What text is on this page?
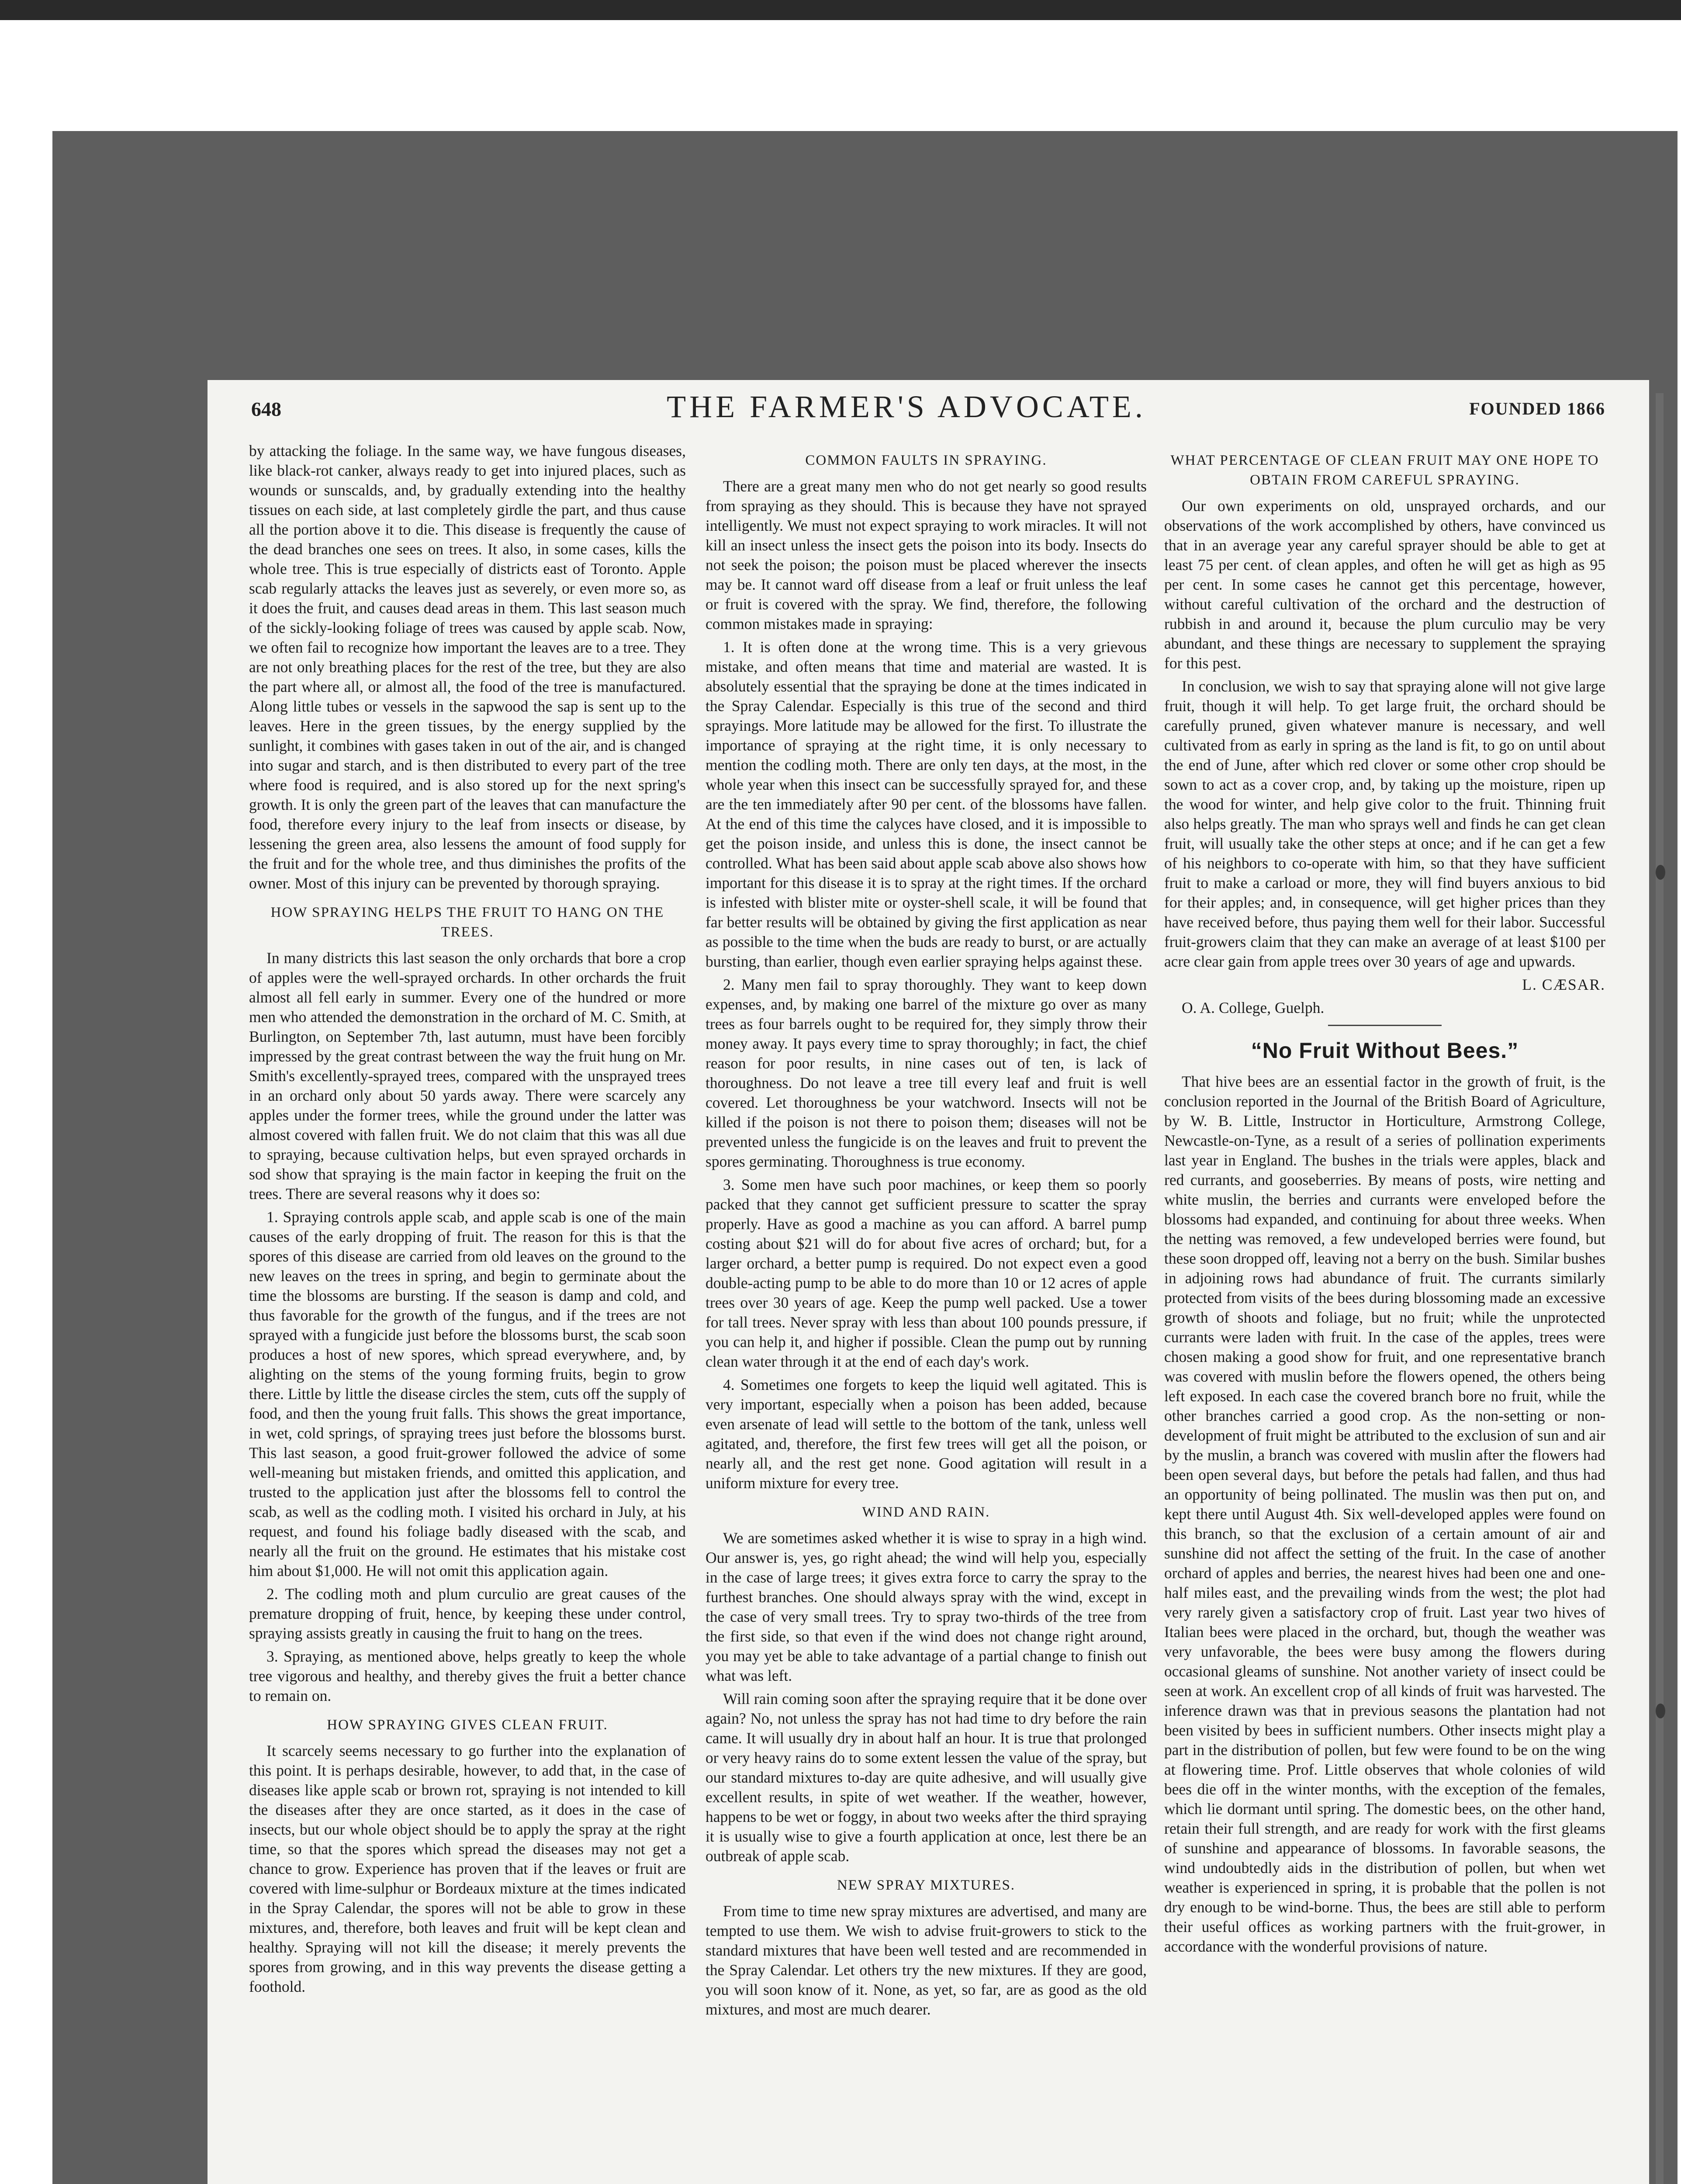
648	THE FARMER'S ADVOCATE.	FOUNDED 1866

by attacking the foliage. In the same way, we have fungous diseases, like black-rot canker, always ready to get into injured places, such as wounds or sunscalds, and, by gradually extending into the healthy tissues on each side, at last completely girdle the part, and thus cause all the portion above it to die. This disease is frequently the cause of the dead branches one sees on trees. It also, in some cases, kills the whole tree. This is true especially of districts east of Toronto. Apple scab regularly attacks the leaves just as severely, or even more so, as it does the fruit, and causes dead areas in them. This last season much of the sickly-looking foliage of trees was caused by apple scab. Now, we often fail to recognize how important the leaves are to a tree. They are not only breathing places for the rest of the tree, but they are also the part where all, or almost all, the food of the tree is manufactured. Along little tubes or vessels in the sapwood the sap is sent up to the leaves. Here in the green tissues, by the energy supplied by the sunlight, it combines with gases taken in out of the air, and is changed into sugar and starch, and is then distributed to every part of the tree where food is required, and is also stored up for the next spring's growth. It is only the green part of the leaves that can manufacture the food, therefore every injury to the leaf from insects or disease, by lessening the green area, also lessens the amount of food supply for the fruit and for the whole tree, and thus diminishes the profits of the owner. Most of this injury can be prevented by thorough spraying.

HOW SPRAYING HELPS THE FRUIT TO HANG ON THE TREES.

In many districts this last season the only orchards that bore a crop of apples were the well-sprayed orchards. In other orchards the fruit almost all fell early in summer. Every one of the hundred or more men who attended the demonstration in the orchard of M. C. Smith, at Burlington, on September 7th, last autumn, must have been forcibly impressed by the great contrast between the way the fruit hung on Mr. Smith's excellently-sprayed trees, compared with the unsprayed trees in an orchard only about 50 yards away. There were scarcely any apples under the former trees, while the ground under the latter was almost covered with fallen fruit. We do not claim that this was all due to spraying, because cultivation helps, but even sprayed orchards in sod show that spraying is the main factor in keeping the fruit on the trees. There are several reasons why it does so:

1. Spraying controls apple scab, and apple scab is one of the main causes of the early dropping of fruit. The reason for this is that the spores of this disease are carried from old leaves on the ground to the new leaves on the trees in spring, and begin to germinate about the time the blossoms are bursting. If the season is damp and cold, and thus favorable for the growth of the fungus, and if the trees are not sprayed with a fungicide just before the blossoms burst, the scab soon produces a host of new spores, which spread everywhere, and, by alighting on the stems of the young forming fruits, begin to grow there. Little by little the disease circles the stem, cuts off the supply of food, and then the young fruit falls. This shows the great importance, in wet, cold springs, of spraying trees just before the blossoms burst. This last season, a good fruit-grower followed the advice of some well-meaning but mistaken friends, and omitted this application, and trusted to the application just after the blossoms fell to control the scab, as well as the codling moth. I visited his orchard in July, at his request, and found his foliage badly diseased with the scab, and nearly all the fruit on the ground. He estimates that his mistake cost him about $1,000. He will not omit this application again.

2. The codling moth and plum curculio are great causes of the premature dropping of fruit, hence, by keeping these under control, spraying assists greatly in causing the fruit to hang on the trees.

3. Spraying, as mentioned above, helps greatly to keep the whole tree vigorous and healthy, and thereby gives the fruit a better chance to remain on.

HOW SPRAYING GIVES CLEAN FRUIT.

It scarcely seems necessary to go further into the explanation of this point. It is perhaps desirable, however, to add that, in the case of diseases like apple scab or brown rot, spraying is not intended to kill the diseases after they are once started, as it does in the case of insects, but our whole object should be to apply the spray at the right time, so that the spores which spread the diseases may not get a chance to grow. Experience has proven that if the leaves or fruit are covered with lime-sulphur or Bordeaux mixture at the times indicated in the Spray Calendar, the spores will not be able to grow in these mixtures, and, therefore, both leaves and fruit will be kept clean and healthy. Spraying will not kill the disease; it merely prevents the spores from growing, and in this way prevents the disease getting a foothold.

COMMON FAULTS IN SPRAYING.

There are a great many men who do not get nearly so good results from spraying as they should. This is because they have not sprayed intelligently. We must not expect spraying to work miracles. It will not kill an insect unless the insect gets the poison into its body. Insects do not seek the poison; the poison must be placed wherever the insects may be. It cannot ward off disease from a leaf or fruit unless the leaf or fruit is covered with the spray. We find, therefore, the following common mistakes made in spraying:

1. It is often done at the wrong time. This is a very grievous mistake, and often means that time and material are wasted. It is absolutely essential that the spraying be done at the times indicated in the Spray Calendar. Especially is this true of the second and third sprayings. More latitude may be allowed for the first. To illustrate the importance of spraying at the right time, it is only necessary to mention the codling moth. There are only ten days, at the most, in the whole year when this insect can be successfully sprayed for, and these are the ten immediately after 90 per cent. of the blossoms have fallen. At the end of this time the calyces have closed, and it is impossible to get the poison inside, and unless this is done, the insect cannot be controlled. What has been said about apple scab above also shows how important for this disease it is to spray at the right times. If the orchard is infested with blister mite or oyster-shell scale, it will be found that far better results will be obtained by giving the first application as near as possible to the time when the buds are ready to burst, or are actually bursting, than earlier, though even earlier spraying helps against these.

2. Many men fail to spray thoroughly. They want to keep down expenses, and, by making one barrel of the mixture go over as many trees as four barrels ought to be required for, they simply throw their money away. It pays every time to spray thoroughly; in fact, the chief reason for poor results, in nine cases out of ten, is lack of thoroughness. Do not leave a tree till every leaf and fruit is well covered. Let thoroughness be your watchword. Insects will not be killed if the poison is not there to poison them; diseases will not be prevented unless the fungicide is on the leaves and fruit to prevent the spores germinating. Thoroughness is true economy.

3. Some men have such poor machines, or keep them so poorly packed that they cannot get sufficient pressure to scatter the spray properly. Have as good a machine as you can afford. A barrel pump costing about $21 will do for about five acres of orchard; but, for a larger orchard, a better pump is required. Do not expect even a good double-acting pump to be able to do more than 10 or 12 acres of apple trees over 30 years of age. Keep the pump well packed. Use a tower for tall trees. Never spray with less than about 100 pounds pressure, if you can help it, and higher if possible. Clean the pump out by running clean water through it at the end of each day's work.

4. Sometimes one forgets to keep the liquid well agitated. This is very important, especially when a poison has been added, because even arsenate of lead will settle to the bottom of the tank, unless well agitated, and, therefore, the first few trees will get all the poison, or nearly all, and the rest get none. Good agitation will result in a uniform mixture for every tree.

WIND AND RAIN.

We are sometimes asked whether it is wise to spray in a high wind. Our answer is, yes, go right ahead; the wind will help you, especially in the case of large trees; it gives extra force to carry the spray to the furthest branches. One should always spray with the wind, except in the case of very small trees. Try to spray two-thirds of the tree from the first side, so that even if the wind does not change right around, you may yet be able to take advantage of a partial change to finish out what was left.

Will rain coming soon after the spraying require that it be done over again? No, not unless the spray has not had time to dry before the rain came. It will usually dry in about half an hour. It is true that prolonged or very heavy rains do to some extent lessen the value of the spray, but our standard mixtures to-day are quite adhesive, and will usually give excellent results, in spite of wet weather. If the weather, however, happens to be wet or foggy, in about two weeks after the third spraying it is usually wise to give a fourth application at once, lest there be an outbreak of apple scab.

NEW SPRAY MIXTURES.

From time to time new spray mixtures are advertised, and many are tempted to use them. We wish to advise fruit-growers to stick to the standard mixtures that have been well tested and are recommended in the Spray Calendar. Let others try the new mixtures. If they are good, you will soon know of it. None, as yet, so far, are as good as the old mixtures, and most are much dearer.

WHAT PERCENTAGE OF CLEAN FRUIT MAY ONE HOPE TO OBTAIN FROM CAREFUL SPRAYING.

Our own experiments on old, unsprayed orchards, and our observations of the work accomplished by others, have convinced us that in an average year any careful sprayer should be able to get at least 75 per cent. of clean apples, and often he will get as high as 95 per cent. In some cases he cannot get this percentage, however, without careful cultivation of the orchard and the destruction of rubbish in and around it, because the plum curculio may be very abundant, and these things are necessary to supplement the spraying for this pest.

In conclusion, we wish to say that spraying alone will not give large fruit, though it will help. To get large fruit, the orchard should be carefully pruned, given whatever manure is necessary, and well cultivated from as early in spring as the land is fit, to go on until about the end of June, after which red clover or some other crop should be sown to act as a cover crop, and, by taking up the moisture, ripen up the wood for winter, and help give color to the fruit. Thinning fruit also helps greatly. The man who sprays well and finds he can get clean fruit, will usually take the other steps at once; and if he can get a few of his neighbors to co-operate with him, so that they have sufficient fruit to make a carload or more, they will find buyers anxious to bid for their apples; and, in consequence, will get higher prices than they have received before, thus paying them well for their labor. Successful fruit-growers claim that they can make an average of at least $100 per acre clear gain from apple trees over 30 years of age and upwards.

L. CÆSAR.

O. A. College, Guelph.

“No Fruit Without Bees.”

That hive bees are an essential factor in the growth of fruit, is the conclusion reported in the Journal of the British Board of Agriculture, by W. B. Little, Instructor in Horticulture, Armstrong College, Newcastle-on-Tyne, as a result of a series of pollination experiments last year in England. The bushes in the trials were apples, black and red currants, and gooseberries. By means of posts, wire netting and white muslin, the berries and currants were enveloped before the blossoms had expanded, and continuing for about three weeks. When the netting was removed, a few undeveloped berries were found, but these soon dropped off, leaving not a berry on the bush. Similar bushes in adjoining rows had abundance of fruit. The currants similarly protected from visits of the bees during blossoming made an excessive growth of shoots and foliage, but no fruit; while the unprotected currants were laden with fruit. In the case of the apples, trees were chosen making a good show for fruit, and one representative branch was covered with muslin before the flowers opened, the others being left exposed. In each case the covered branch bore no fruit, while the other branches carried a good crop. As the non-setting or non-development of fruit might be attributed to the exclusion of sun and air by the muslin, a branch was covered with muslin after the flowers had been open several days, but before the petals had fallen, and thus had an opportunity of being pollinated. The muslin was then put on, and kept there until August 4th. Six well-developed apples were found on this branch, so that the exclusion of a certain amount of air and sunshine did not affect the setting of the fruit. In the case of another orchard of apples and berries, the nearest hives had been one and one-half miles east, and the prevailing winds from the west; the plot had very rarely given a satisfactory crop of fruit. Last year two hives of Italian bees were placed in the orchard, but, though the weather was very unfavorable, the bees were busy among the flowers during occasional gleams of sunshine. Not another variety of insect could be seen at work. An excellent crop of all kinds of fruit was harvested. The inference drawn was that in previous seasons the plantation had not been visited by bees in sufficient numbers. Other insects might play a part in the distribution of pollen, but few were found to be on the wing at flowering time. Prof. Little observes that whole colonies of wild bees die off in the winter months, with the exception of the females, which lie dormant until spring. The domestic bees, on the other hand, retain their full strength, and are ready for work with the first gleams of sunshine and appearance of blossoms. In favorable seasons, the wind undoubtedly aids in the distribution of pollen, but when wet weather is experienced in spring, it is probable that the pollen is not dry enough to be wind-borne. Thus, the bees are still able to perform their useful offices as working partners with the fruit-grower, in accordance with the wonderful provisions of nature.
